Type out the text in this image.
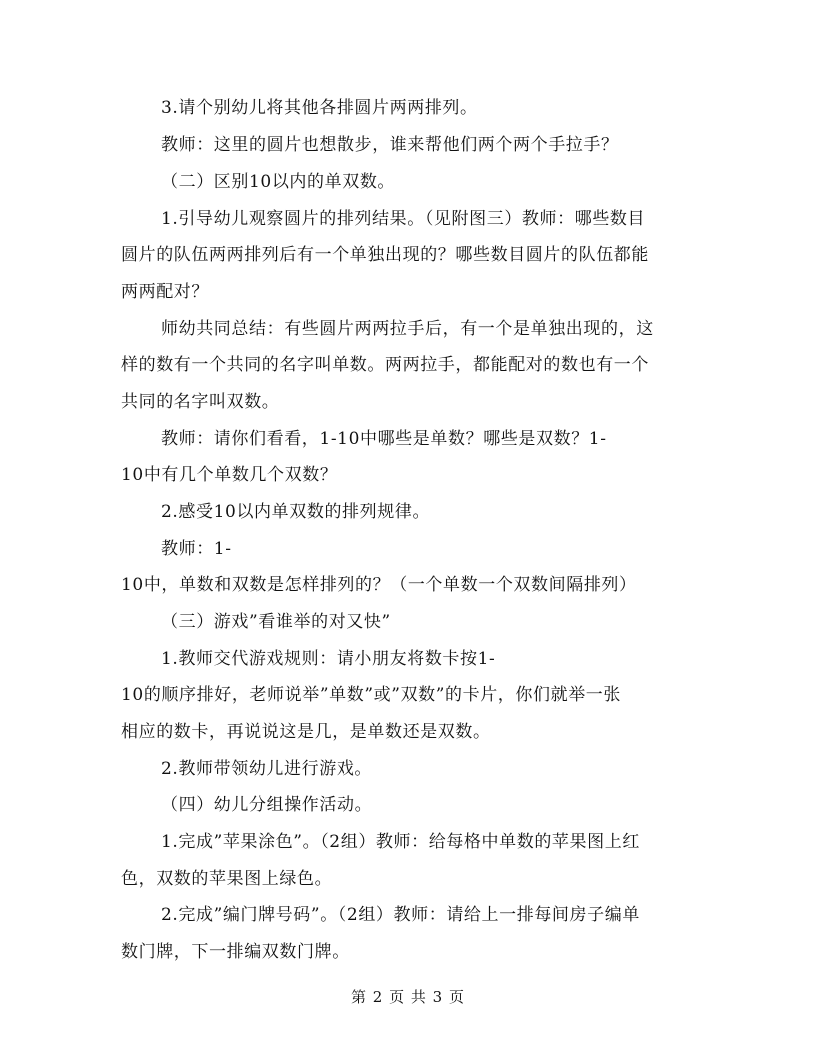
3.请个别幼儿将其他各排圆片两两排列。
教师：这里的圆片也想散步，谁来帮他们两个两个手拉手？
（二）区别10以内的单双数。
1.引导幼儿观察圆片的排列结果。（见附图三）教师：哪些数目
圆片的队伍两两排列后有一个单独出现的？哪些数目圆片的队伍都能
两两配对？
师幼共同总结：有些圆片两两拉手后，有一个是单独出现的，这
样的数有一个共同的名字叫单数。两两拉手，都能配对的数也有一个
共同的名字叫双数。
教师：请你们看看，1-10中哪些是单数？哪些是双数？1-
10中有几个单数几个双数？
2.感受10以内单双数的排列规律。
教师：1-
10中，单数和双数是怎样排列的？（一个单数一个双数间隔排列）
（三）游戏”看谁举的对又快”
1.教师交代游戏规则：请小朋友将数卡按1-
10的顺序排好，老师说举”单数”或”双数”的卡片，你们就举一张
相应的数卡，再说说这是几，是单数还是双数。
2.教师带领幼儿进行游戏。
（四）幼儿分组操作活动。
1.完成”苹果涂色”。（2组）教师：给每格中单数的苹果图上红
色，双数的苹果图上绿色。
2.完成”编门牌号码”。（2组）教师：请给上一排每间房子编单
数门牌，下一排编双数门牌。
第 2 页 共 3 页
